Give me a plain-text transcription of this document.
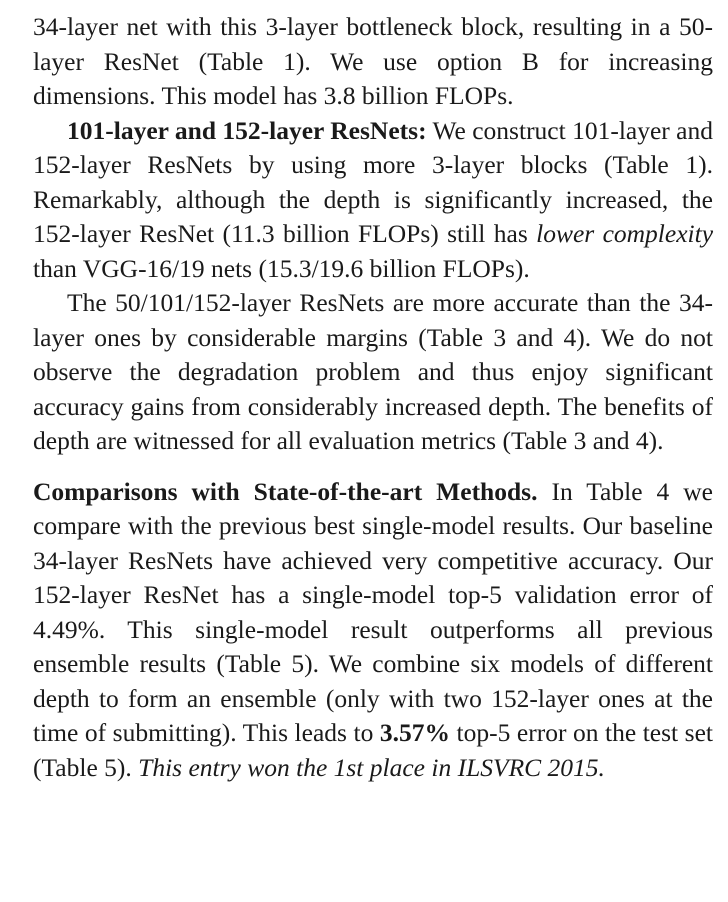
34-layer net with this 3-layer bottleneck block, resulting in a 50-layer ResNet (Table 1). We use option B for increasing dimensions. This model has 3.8 billion FLOPs.

101-layer and 152-layer ResNets: We construct 101-layer and 152-layer ResNets by using more 3-layer blocks (Table 1). Remarkably, although the depth is significantly increased, the 152-layer ResNet (11.3 billion FLOPs) still has lower complexity than VGG-16/19 nets (15.3/19.6 billion FLOPs).

The 50/101/152-layer ResNets are more accurate than the 34-layer ones by considerable margins (Table 3 and 4). We do not observe the degradation problem and thus enjoy significant accuracy gains from considerably increased depth. The benefits of depth are witnessed for all evaluation metrics (Table 3 and 4).

Comparisons with State-of-the-art Methods. In Table 4 we compare with the previous best single-model results. Our baseline 34-layer ResNets have achieved very competitive accuracy. Our 152-layer ResNet has a single-model top-5 validation error of 4.49%. This single-model result outperforms all previous ensemble results (Table 5). We combine six models of different depth to form an ensemble (only with two 152-layer ones at the time of submitting). This leads to 3.57% top-5 error on the test set (Table 5). This entry won the 1st place in ILSVRC 2015.
